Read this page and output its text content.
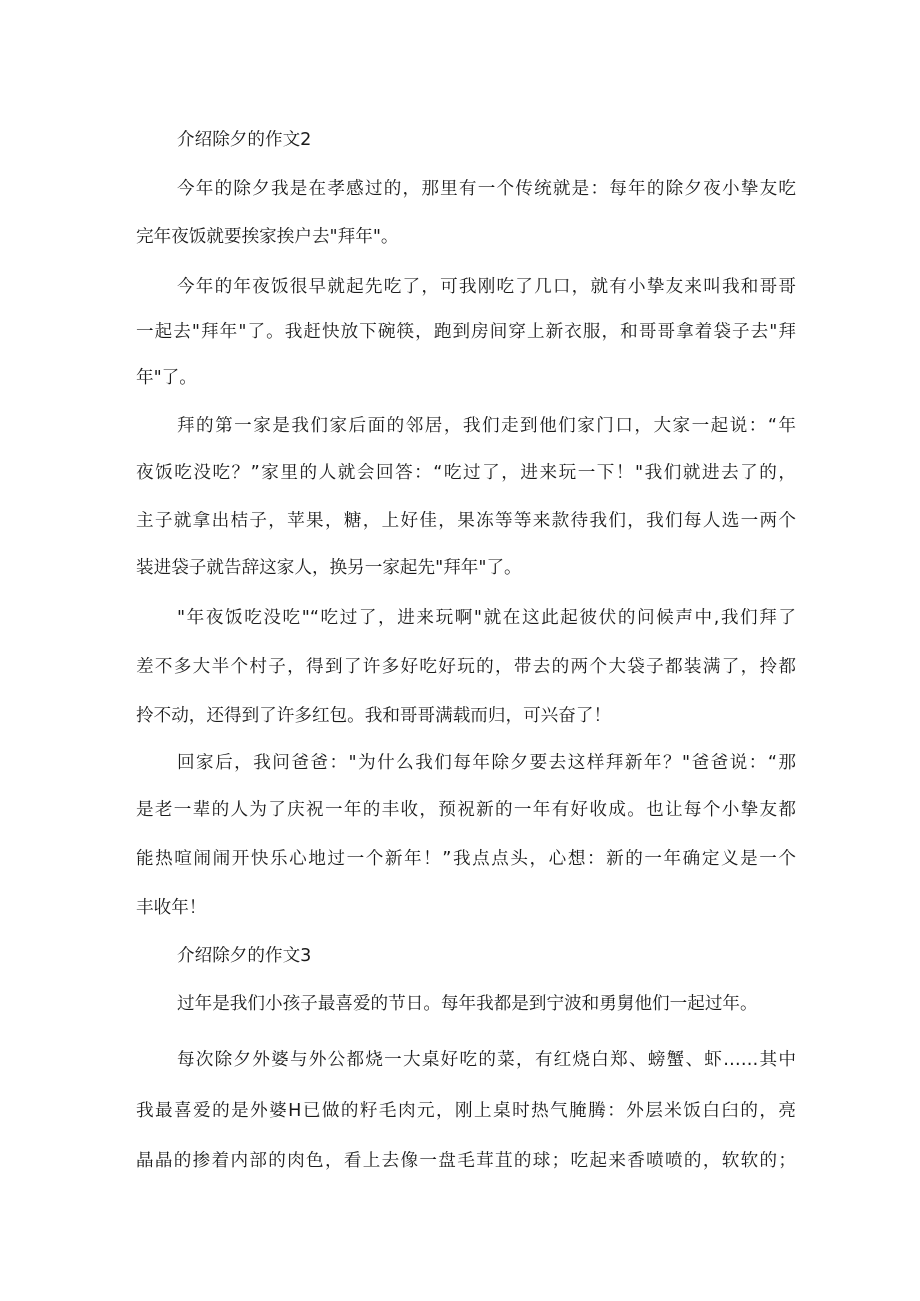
介绍除夕的作文2
今年的除夕我是在孝感过的，那里有一个传统就是：每年的除夕夜小挚友吃
完年夜饭就要挨家挨户去"拜年"。
今年的年夜饭很早就起先吃了，可我刚吃了几口，就有小挚友来叫我和哥哥
一起去"拜年"了。我赶快放下碗筷，跑到房间穿上新衣服，和哥哥拿着袋子去"拜
年"了。
拜的第一家是我们家后面的邻居，我们走到他们家门口，大家一起说：“年
夜饭吃没吃？”家里的人就会回答：“吃过了，进来玩一下！"我们就进去了的，
主子就拿出桔子，苹果，糖，上好佳，果冻等等来款待我们，我们每人选一两个
装进袋子就告辞这家人，换另一家起先"拜年"了。
"年夜饭吃没吃"“吃过了，进来玩啊"就在这此起彼伏的问候声中,我们拜了
差不多大半个村子，得到了许多好吃好玩的，带去的两个大袋子都装满了，拎都
拎不动，还得到了许多红包。我和哥哥满载而归，可兴奋了！
回家后，我问爸爸："为什么我们每年除夕要去这样拜新年？"爸爸说：“那
是老一辈的人为了庆祝一年的丰收，预祝新的一年有好收成。也让每个小挚友都
能热喧闹闹开快乐心地过一个新年！”我点点头，心想：新的一年确定义是一个
丰收年！
介绍除夕的作文3
过年是我们小孩子最喜爱的节日。每年我都是到宁波和勇舅他们一起过年。
每次除夕外婆与外公都烧一大桌好吃的菜，有红烧白郑、螃蟹、虾……其中
我最喜爱的是外婆H已做的籽毛肉元，刚上桌时热气腌腾：外层米饭白臼的，亮
晶晶的掺着内部的肉色，看上去像一盘毛茸苴的球；吃起来香喷喷的，软软的；
